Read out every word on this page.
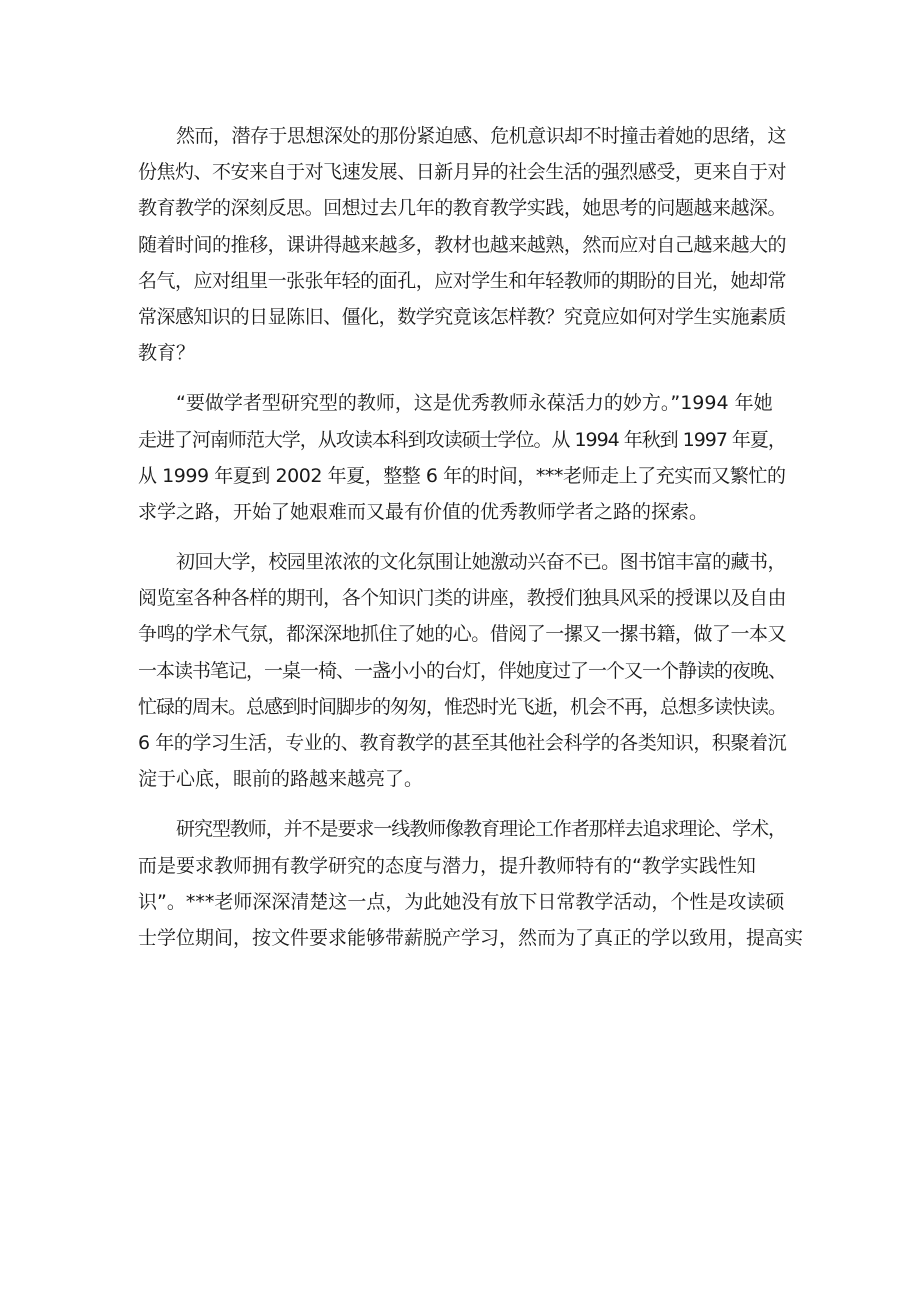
然而，潜存于思想深处的那份紧迫感、危机意识却不时撞击着她的思绪，这
份焦灼、不安来自于对飞速发展、日新月异的社会生活的强烈感受，更来自于对
教育教学的深刻反思。回想过去几年的教育教学实践，她思考的问题越来越深。
随着时间的推移，课讲得越来越多，教材也越来越熟，然而应对自己越来越大的
名气，应对组里一张张年轻的面孔，应对学生和年轻教师的期盼的目光，她却常
常深感知识的日显陈旧、僵化，数学究竟该怎样教？究竟应如何对学生实施素质
教育？
“要做学者型研究型的教师，这是优秀教师永葆活力的妙方。”1994 年她
走进了河南师范大学，从攻读本科到攻读硕士学位。从 1994 年秋到 1997 年夏，
从 1999 年夏到 2002 年夏，整整 6 年的时间，***老师走上了充实而又繁忙的
求学之路，开始了她艰难而又最有价值的优秀教师学者之路的探索。
初回大学，校园里浓浓的文化氛围让她激动兴奋不已。图书馆丰富的藏书，
阅览室各种各样的期刊，各个知识门类的讲座，教授们独具风采的授课以及自由
争鸣的学术气氛，都深深地抓住了她的心。借阅了一摞又一摞书籍，做了一本又
一本读书笔记，一桌一椅、一盏小小的台灯，伴她度过了一个又一个静读的夜晚、
忙碌的周末。总感到时间脚步的匆匆，惟恐时光飞逝，机会不再，总想多读快读。
6 年的学习生活，专业的、教育教学的甚至其他社会科学的各类知识，积聚着沉
淀于心底，眼前的路越来越亮了。
研究型教师，并不是要求一线教师像教育理论工作者那样去追求理论、学术，
而是要求教师拥有教学研究的态度与潜力，提升教师特有的“教学实践性知
识”。***老师深深清楚这一点，为此她没有放下日常教学活动，个性是攻读硕
士学位期间，按文件要求能够带薪脱产学习，然而为了真正的学以致用，提高实
